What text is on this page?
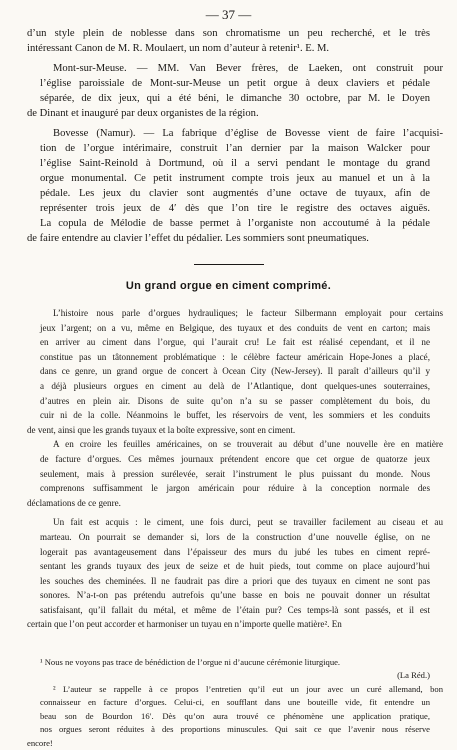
— 37 —

d’un style plein de noblesse dans son chromatisme un peu recherché, et le très
intéressant Canon de M. R. Moulaert, un nom d’auteur à retenir¹. E. M.

Mont-sur-Meuse. — MM. Van Bever frères, de Laeken, ont construit pour
l’église paroissiale de Mont-sur-Meuse un petit orgue à deux claviers et pédale
séparée, de dix jeux, qui a été béni, le dimanche 30 octobre, par M. le Doyen
de Dinant et inauguré par deux organistes de la région.

Bovesse (Namur). — La fabrique d’église de Bovesse vient de faire l’acquisi-
tion de l’orgue intérimaire, construit l’an dernier par la maison Walcker pour
l’église Saint-Reinold à Dortmund, où il a servi pendant le montage du grand
orgue monumental. Ce petit instrument compte trois jeux au manuel et un à la
pédale. Les jeux du clavier sont augmentés d’une octave de tuyaux, afin de
représenter trois jeux de 4′ dès que l’on tire le registre des octaves aiguës.
La copula de Mélodie de basse permet à l’organiste non accoutumé à la pédale
de faire entendre au clavier l’effet du pédalier. Les sommiers sont pneumatiques.

Un grand orgue en ciment comprimé.

L’histoire nous parle d’orgues hydrauliques; le facteur Silbermann employait pour certains
jeux l’argent; on a vu, même en Belgique, des tuyaux et des conduits de vent en carton; mais
en arriver au ciment dans l’orgue, qui l’aurait cru! Le fait est réalisé cependant, et il ne
constitue pas un tâtonnement problématique : le célèbre facteur américain Hope-Jones a placé,
dans ce genre, un grand orgue de concert à Ocean City (New-Jersey). Il paraît d’ailleurs qu’il y
a déjà plusieurs orgues en ciment au delà de l’Atlantique, dont quelques-unes souterraines,
d’autres en plein air. Disons de suite qu’on n’a su se passer complètement du bois, du
cuir ni de la colle. Néanmoins le buffet, les réservoirs de vent, les sommiers et les conduits
de vent, ainsi que les grands tuyaux et la boîte expressive, sont en ciment.

A en croire les feuilles américaines, on se trouverait au début d’une nouvelle ère en matière
de facture d’orgues. Ces mêmes journaux prétendent encore que cet orgue de quatorze jeux
seulement, mais à pression surélevée, serait l’instrument le plus puissant du monde. Nous
comprenons suffisamment le jargon américain pour réduire à la conception normale des
déclamations de ce genre.

Un fait est acquis : le ciment, une fois durci, peut se travailler facilement au ciseau et au
marteau. On pourrait se demander si, lors de la construction d’une nouvelle église, on ne
logerait pas avantageusement dans l’épaisseur des murs du jubé les tubes en ciment repré-
sentant les grands tuyaux des jeux de seize et de huit pieds, tout comme on place aujourd’hui
les souches des cheminées. Il ne faudrait pas dire a priori que des tuyaux en ciment ne sont pas
sonores. N’a-t-on pas prétendu autrefois qu’une basse en bois ne pouvait donner un résultat
satisfaisant, qu’il fallait du métal, et même de l’étain pur? Ces temps-là sont passés, et il est
certain que l’on peut accorder et harmoniser un tuyau en n’importe quelle matière². En

¹ Nous ne voyons pas trace de bénédiction de l’orgue ni d’aucune cérémonie liturgique.

(La Réd.)

² L’auteur se rappelle à ce propos l’entretien qu’il eut un jour avec un curé allemand, bon
connaisseur en facture d’orgues. Celui-ci, en soufflant dans une bouteille vide, fit entendre un
beau son de Bourdon 16′. Dès qu’on aura trouvé ce phénomène une application pratique,
nos orgues seront réduites à des proportions minuscules. Qui sait ce que l’avenir nous réserve
encore!
